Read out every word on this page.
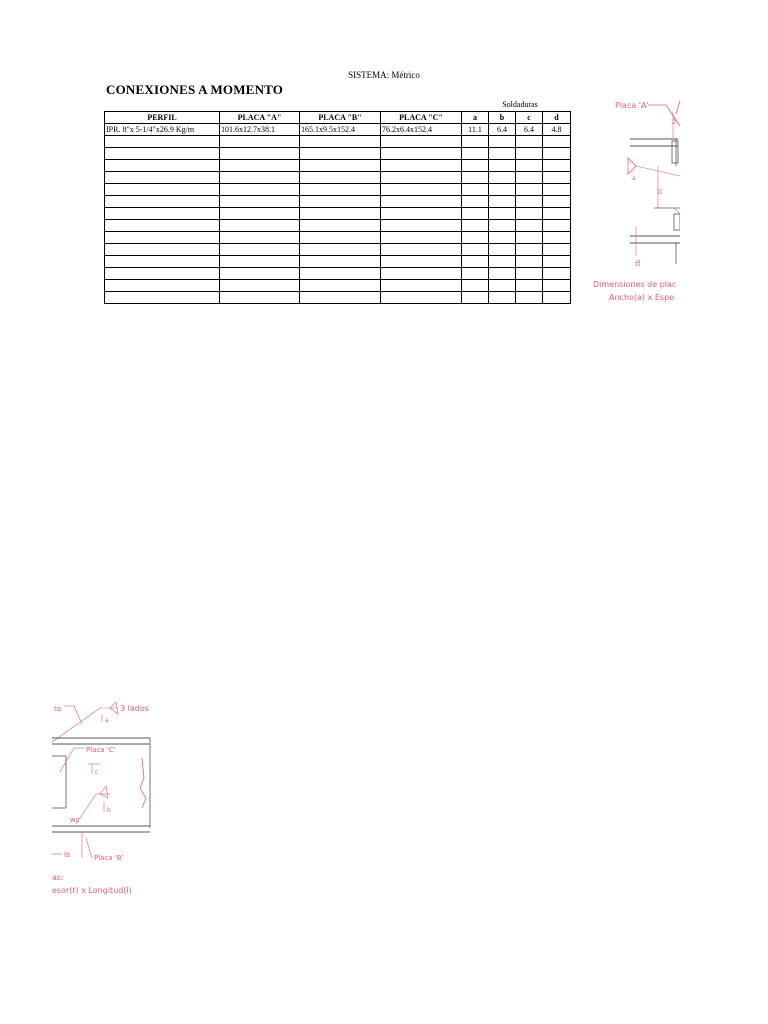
SISTEMA: Métrico
CONEXIONES A MOMENTO
Soldaduras
PERFIL	PLACA "A"	PLACA "B"	PLACA "C"	a	b	c	d
IPR. 8"x 5-1/4"x26.9 Kg/m	101.6x12.7x38.1	165.1x9.5x152.4	76.2x6.4x152.4	11.1	6.4	6.4	4.8

Placa 'A'
ta
a
tc
tb
Dimensiones de plac
Ancho(a) x Espe
ta	3 lados
a
Placa 'C'
c
b
wc
lb	Placa 'B'
as:
esor(t) x Longitud(l)
